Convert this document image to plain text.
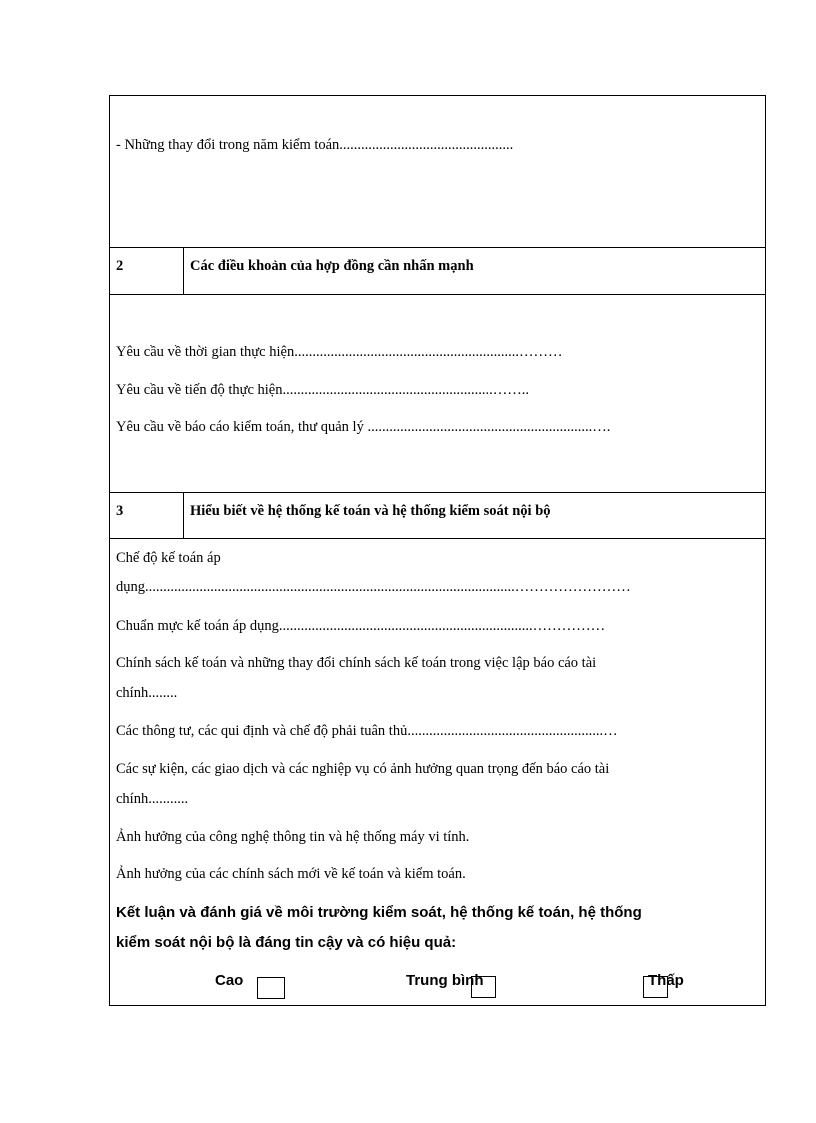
- Những thay đổi trong năm kiểm toán................................................
2	Các điều khoản của hợp đồng cần nhấn mạnh
Yêu cầu về thời gian thực hiện..............................................................………
Yêu cầu về tiến độ thực hiện..........................................................……..
Yêu cầu về báo cáo kiểm toán, thư quản lý ..............................................................….
3	Hiểu biết về hệ thống kế toán và hệ thống kiểm soát nội bộ
Chế độ kế toán áp
dụng......................................................................................................……………………
Chuẩn mực kế toán áp dụng......................................................................……………
Chính sách kế toán và những thay đổi chính sách kế toán trong việc lập báo cáo tài
chính........
Các thông tư, các qui định và chế độ phải tuân thủ......................................................…
Các sự kiện, các giao dịch và các nghiệp vụ có ảnh hưởng quan trọng đến báo cáo tài
chính...........
Ảnh hưởng của công nghệ thông tin và hệ thống máy vi tính.
Ảnh hưởng của các chính sách mới về kế toán và kiểm toán.
Kết luận và đánh giá về môi trường kiểm soát, hệ thống kế toán, hệ thống
kiểm soát nội bộ là đáng tin cậy và có hiệu quả:
Cao	Trung bình	Thấp
